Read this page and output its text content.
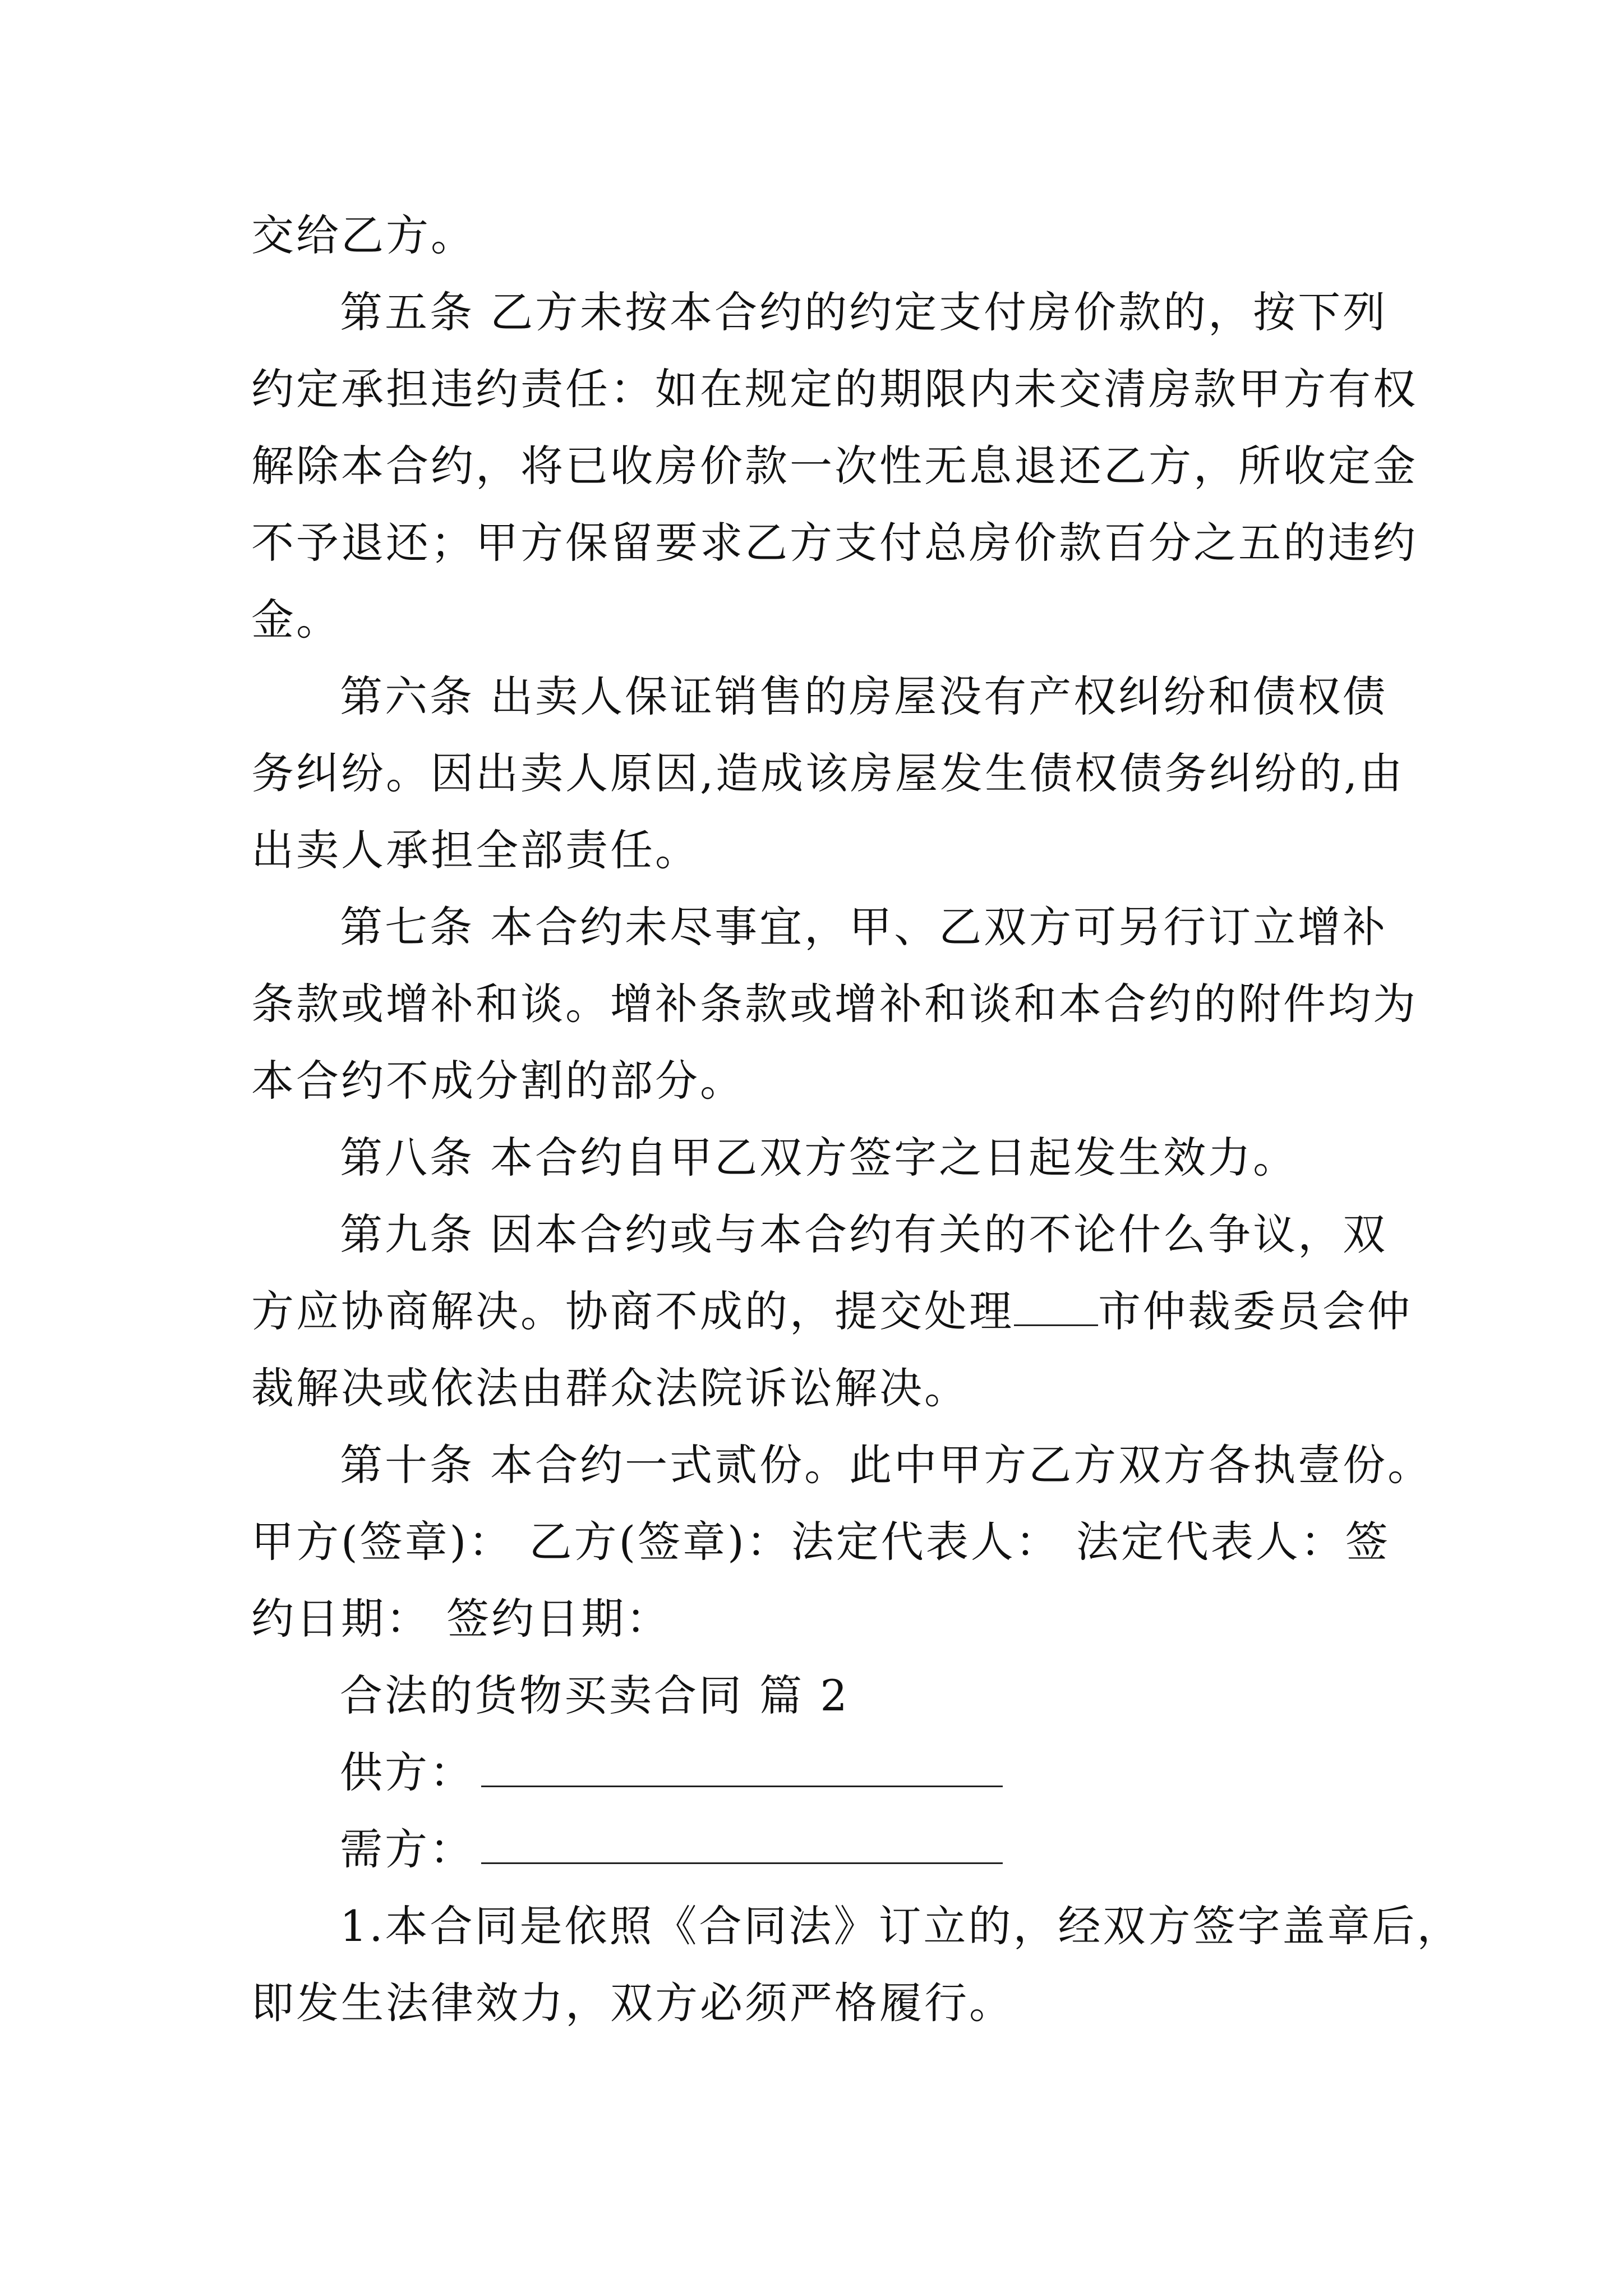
交给乙方。
第五条 乙方未按本合约的约定支付房价款的，按下列
约定承担违约责任：如在规定的期限内未交清房款甲方有权
解除本合约，将已收房价款一次性无息退还乙方，所收定金
不予退还；甲方保留要求乙方支付总房价款百分之五的违约
金。
第六条 出卖人保证销售的房屋没有产权纠纷和债权债
务纠纷。因出卖人原因,造成该房屋发生债权债务纠纷的,由
出卖人承担全部责任。
第七条 本合约未尽事宜，甲、乙双方可另行订立增补
条款或增补和谈。增补条款或增补和谈和本合约的附件均为
本合约不成分割的部分。
第八条 本合约自甲乙双方签字之日起发生效力。
第九条 因本合约或与本合约有关的不论什么争议，双
方应协商解决。协商不成的，提交处理 市仲裁委员会仲
裁解决或依法由群众法院诉讼解决。
第十条 本合约一式贰份。此中甲方乙方双方各执壹份。
甲方(签章)： 乙方(签章)：法定代表人： 法定代表人：签
约日期： 签约日期：
合法的货物买卖合同 篇 2
供方：
需方：
1.本合同是依照《合同法》订立的，经双方签字盖章后，
即发生法律效力，双方必须严格履行。
